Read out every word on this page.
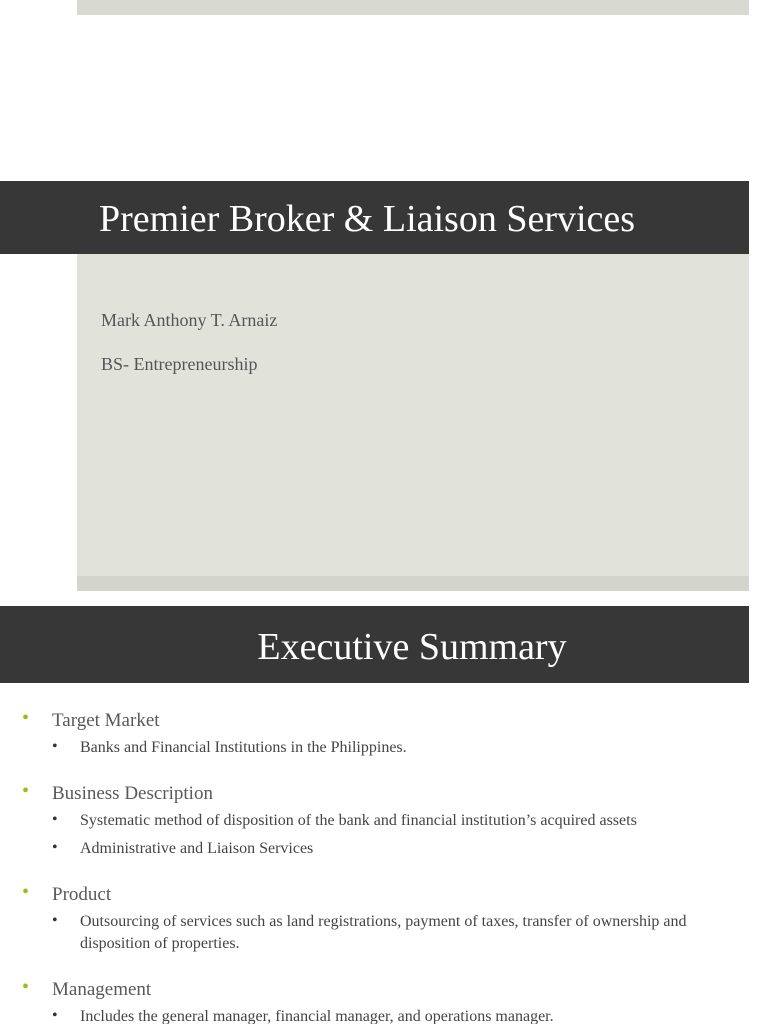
Premier Broker & Liaison Services

Mark Anthony T. Arnaiz

BS- Entrepreneurship

Executive Summary

• Target Market

• Banks and Financial Institutions in the Philippines.

• Business Description

• Systematic method of disposition of the bank and financial institution’s acquired assets

• Administrative and Liaison Services

• Product

• Outsourcing of services such as land registrations, payment of taxes, transfer of ownership and disposition of properties.

• Management

• Includes the general manager, financial manager, and operations manager.
